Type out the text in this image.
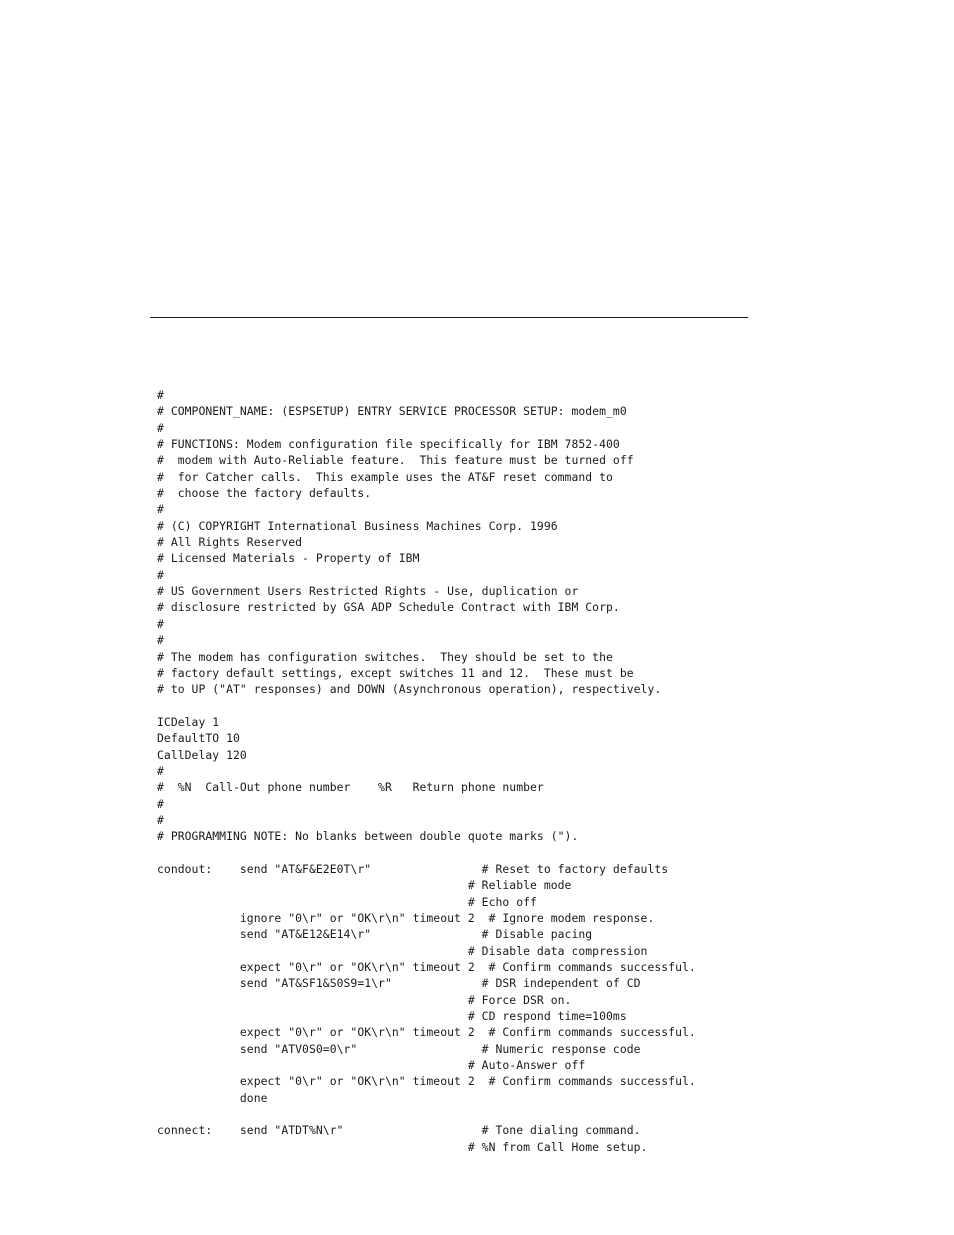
#
# COMPONENT_NAME: (ESPSETUP) ENTRY SERVICE PROCESSOR SETUP: modem_m0
#
# FUNCTIONS: Modem configuration file specifically for IBM 7852-400
#  modem with Auto-Reliable feature.  This feature must be turned off
#  for Catcher calls.  This example uses the AT&F reset command to
#  choose the factory defaults.
#
# (C) COPYRIGHT International Business Machines Corp. 1996
# All Rights Reserved
# Licensed Materials - Property of IBM
#
# US Government Users Restricted Rights - Use, duplication or
# disclosure restricted by GSA ADP Schedule Contract with IBM Corp.
#
#
# The modem has configuration switches.  They should be set to the
# factory default settings, except switches 11 and 12.  These must be
# to UP ("AT" responses) and DOWN (Asynchronous operation), respectively.
ICDelay 1
DefaultTO 10
CallDelay 120
#
#  %N  Call-Out phone number    %R   Return phone number
#
#
# PROGRAMMING NOTE: No blanks between double quote marks (").
condout:    send "AT&F&E2E0T\r"                # Reset to factory defaults
# Reliable mode
# Echo off
ignore "0\r" or "OK\r\n" timeout 2  # Ignore modem response.
send "AT&E12&E14\r"                # Disable pacing
# Disable data compression
expect "0\r" or "OK\r\n" timeout 2  # Confirm commands successful.
send "AT&SF1&S0S9=1\r"             # DSR independent of CD
# Force DSR on.
# CD respond time=100ms
expect "0\r" or "OK\r\n" timeout 2  # Confirm commands successful.
send "ATV0S0=0\r"                  # Numeric response code
# Auto-Answer off
expect "0\r" or "OK\r\n" timeout 2  # Confirm commands successful.
done
connect:    send "ATDT%N\r"                    # Tone dialing command.
# %N from Call Home setup.
